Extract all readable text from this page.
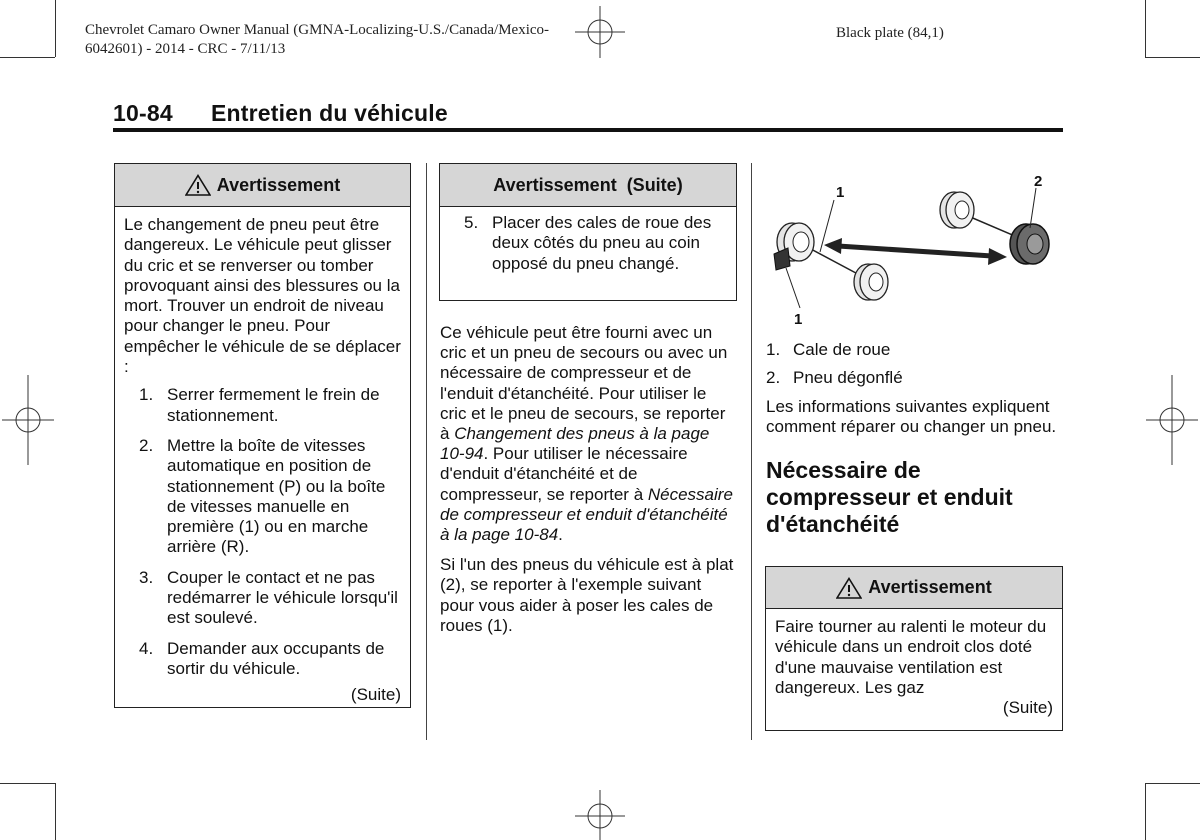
Chevrolet Camaro Owner Manual (GMNA-Localizing-U.S./Canada/Mexico-
6042601) - 2014 - CRC - 7/11/13
Black plate (84,1)
10-84 Entretien du véhicule
Avertissement

Le changement de pneu peut être dangereux. Le véhicule peut glisser du cric et se renverser ou tomber provoquant ainsi des blessures ou la mort. Trouver un endroit de niveau pour changer le pneu. Pour empêcher le véhicule de se déplacer :

1. Serrer fermement le frein de stationnement.
2. Mettre la boîte de vitesses automatique en position de stationnement (P) ou la boîte de vitesses manuelle en première (1) ou en marche arrière (R).
3. Couper le contact et ne pas redémarrer le véhicule lorsqu'il est soulevé.
4. Demander aux occupants de sortir du véhicule.
(Suite)
Avertissement  (Suite)
5. Placer des cales de roue des deux côtés du pneu au coin opposé du pneu changé.

Ce véhicule peut être fourni avec un cric et un pneu de secours ou avec un nécessaire de compresseur et de l'enduit d'étanchéité. Pour utiliser le cric et le pneu de secours, se reporter à Changement des pneus à la page 10-94. Pour utiliser le nécessaire d'enduit d'étanchéité et de compresseur, se reporter à Nécessaire de compresseur et enduit d'étanchéité à la page 10-84.

Si l'un des pneus du véhicule est à plat (2), se reporter à l'exemple suivant pour vous aider à poser les cales de roues (1).

1
1
2
1. Cale de roue
2. Pneu dégonflé

Les informations suivantes expliquent comment réparer ou changer un pneu.

Nécessaire de compresseur et enduit d'étanchéité
Avertissement

Faire tourner au ralenti le moteur du véhicule dans un endroit clos doté d'une mauvaise ventilation est dangereux. Les gaz

(Suite)
